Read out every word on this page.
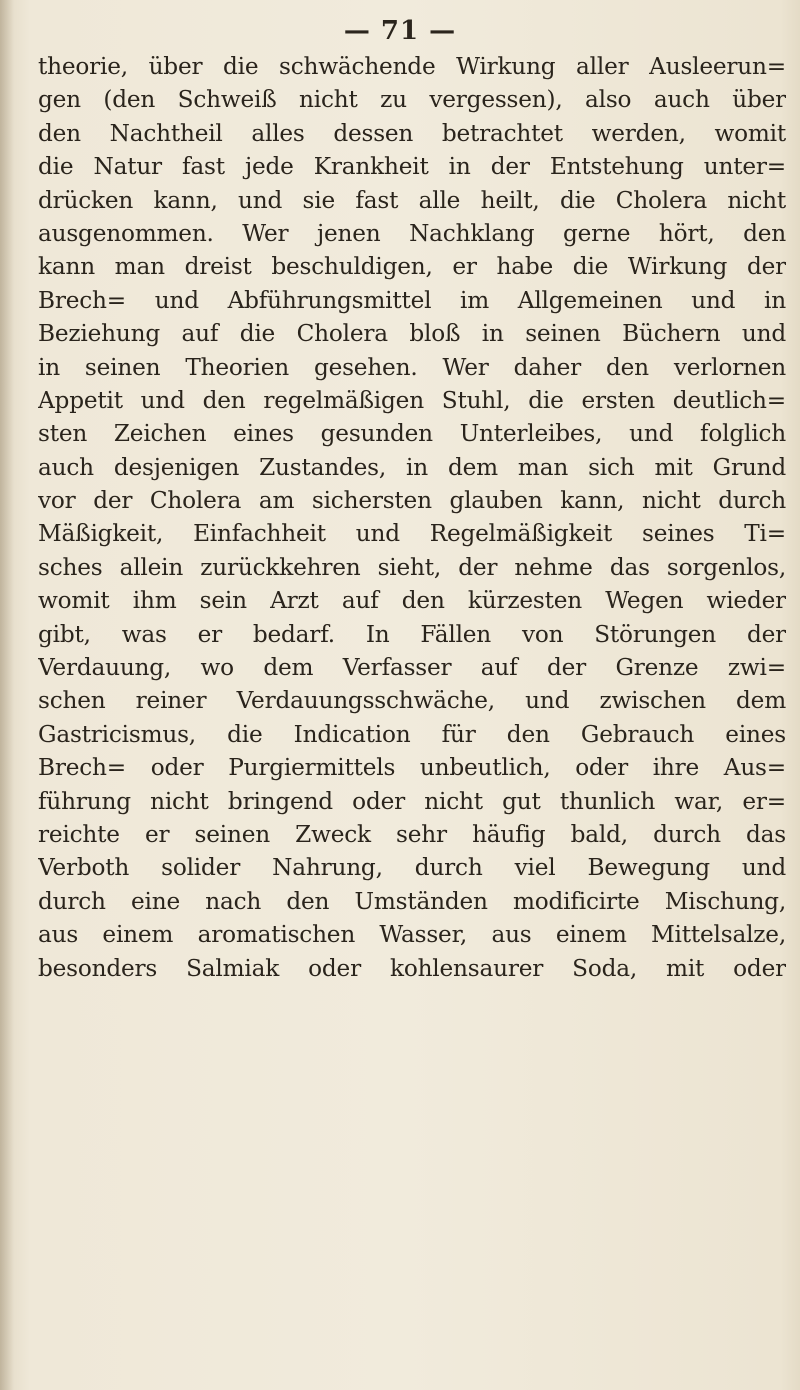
— 71 —
theorie, über die schwächende Wirkung aller Ausleerun=
gen (den Schweiß nicht zu vergessen), also auch über
den Nachtheil alles dessen betrachtet werden, womit
die Natur fast jede Krankheit in der Entstehung unter=
drücken kann, und sie fast alle heilt, die Cholera nicht
ausgenommen. Wer jenen Nachklang gerne hört, den
kann man dreist beschuldigen, er habe die Wirkung der
Brech= und Abführungsmittel im Allgemeinen und in
Beziehung auf die Cholera bloß in seinen Büchern und
in seinen Theorien gesehen. Wer daher den verlornen
Appetit und den regelmäßigen Stuhl, die ersten deutlich=
sten Zeichen eines gesunden Unterleibes, und folglich
auch desjenigen Zustandes, in dem man sich mit Grund
vor der Cholera am sichersten glauben kann, nicht durch
Mäßigkeit, Einfachheit und Regelmäßigkeit seines Ti=
sches allein zurückkehren sieht, der nehme das sorgenlos,
womit ihm sein Arzt auf den kürzesten Wegen wieder
gibt, was er bedarf. In Fällen von Störungen der
Verdauung, wo dem Verfasser auf der Grenze zwi=
schen reiner Verdauungsschwäche, und zwischen dem
Gastricismus, die Indication für den Gebrauch eines
Brech= oder Purgiermittels unbeutlich, oder ihre Aus=
führung nicht bringend oder nicht gut thunlich war, er=
reichte er seinen Zweck sehr häufig bald, durch das
Verboth solider Nahrung, durch viel Bewegung und
durch eine nach den Umständen modificirte Mischung,
aus einem aromatischen Wasser, aus einem Mittelsalze,
besonders Salmiak oder kohlensaurer Soda, mit oder
